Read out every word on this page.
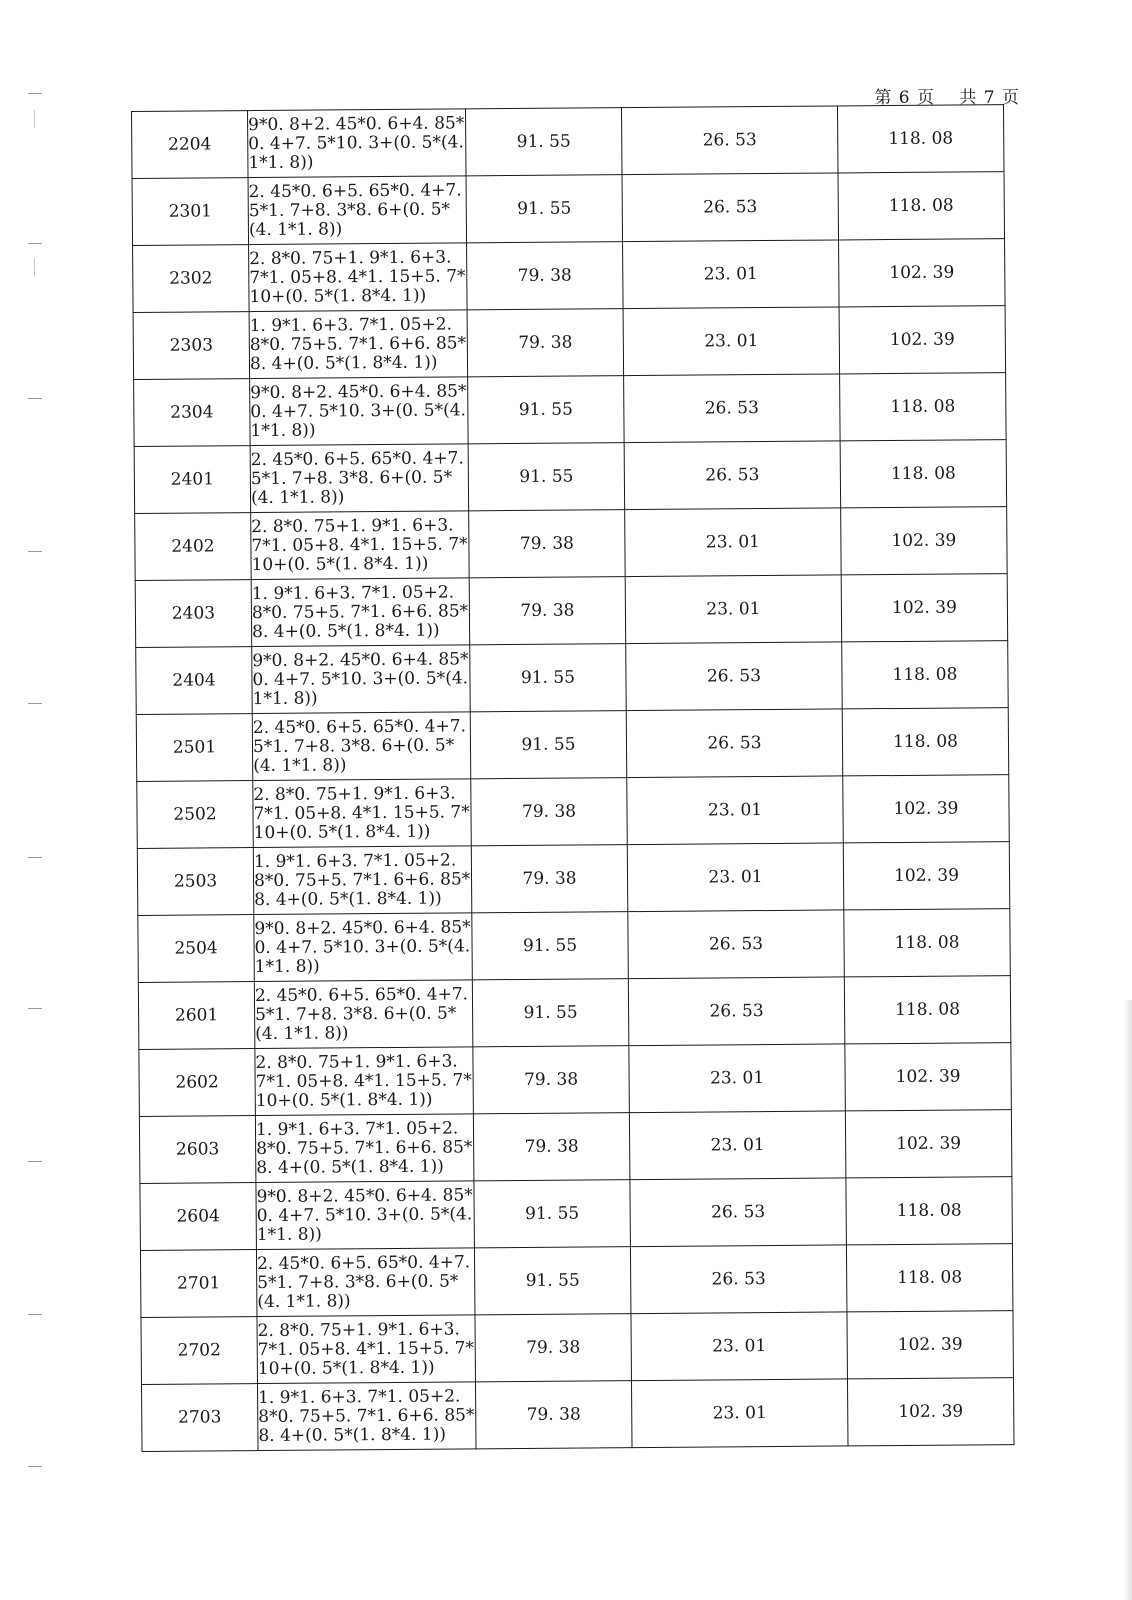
第 6 页　 共 7 页
2204	9*0. 8+2. 45*0. 6+4. 85*0. 4+7. 5*10. 3+(0. 5*(4. 1*1. 8))	91. 55	26. 53	118. 08
2301	2. 45*0. 6+5. 65*0. 4+7. 5*1. 7+8. 3*8. 6+(0. 5*(4. 1*1. 8))	91. 55	26. 53	118. 08
2302	2. 8*0. 75+1. 9*1. 6+3. 7*1. 05+8. 4*1. 15+5. 7*10+(0. 5*(1. 8*4. 1))	79. 38	23. 01	102. 39
2303	1. 9*1. 6+3. 7*1. 05+2. 8*0. 75+5. 7*1. 6+6. 85*8. 4+(0. 5*(1. 8*4. 1))	79. 38	23. 01	102. 39
2304	9*0. 8+2. 45*0. 6+4. 85*0. 4+7. 5*10. 3+(0. 5*(4. 1*1. 8))	91. 55	26. 53	118. 08
2401	2. 45*0. 6+5. 65*0. 4+7. 5*1. 7+8. 3*8. 6+(0. 5*(4. 1*1. 8))	91. 55	26. 53	118. 08
2402	2. 8*0. 75+1. 9*1. 6+3. 7*1. 05+8. 4*1. 15+5. 7*10+(0. 5*(1. 8*4. 1))	79. 38	23. 01	102. 39
2403	1. 9*1. 6+3. 7*1. 05+2. 8*0. 75+5. 7*1. 6+6. 85*8. 4+(0. 5*(1. 8*4. 1))	79. 38	23. 01	102. 39
2404	9*0. 8+2. 45*0. 6+4. 85*0. 4+7. 5*10. 3+(0. 5*(4. 1*1. 8))	91. 55	26. 53	118. 08
2501	2. 45*0. 6+5. 65*0. 4+7. 5*1. 7+8. 3*8. 6+(0. 5*(4. 1*1. 8))	91. 55	26. 53	118. 08
2502	2. 8*0. 75+1. 9*1. 6+3. 7*1. 05+8. 4*1. 15+5. 7*10+(0. 5*(1. 8*4. 1))	79. 38	23. 01	102. 39
2503	1. 9*1. 6+3. 7*1. 05+2. 8*0. 75+5. 7*1. 6+6. 85*8. 4+(0. 5*(1. 8*4. 1))	79. 38	23. 01	102. 39
2504	9*0. 8+2. 45*0. 6+4. 85*0. 4+7. 5*10. 3+(0. 5*(4. 1*1. 8))	91. 55	26. 53	118. 08
2601	2. 45*0. 6+5. 65*0. 4+7. 5*1. 7+8. 3*8. 6+(0. 5*(4. 1*1. 8))	91. 55	26. 53	118. 08
2602	2. 8*0. 75+1. 9*1. 6+3. 7*1. 05+8. 4*1. 15+5. 7*10+(0. 5*(1. 8*4. 1))	79. 38	23. 01	102. 39
2603	1. 9*1. 6+3. 7*1. 05+2. 8*0. 75+5. 7*1. 6+6. 85*8. 4+(0. 5*(1. 8*4. 1))	79. 38	23. 01	102. 39
2604	9*0. 8+2. 45*0. 6+4. 85*0. 4+7. 5*10. 3+(0. 5*(4. 1*1. 8))	91. 55	26. 53	118. 08
2701	2. 45*0. 6+5. 65*0. 4+7. 5*1. 7+8. 3*8. 6+(0. 5*(4. 1*1. 8))	91. 55	26. 53	118. 08
2702	2. 8*0. 75+1. 9*1. 6+3. 7*1. 05+8. 4*1. 15+5. 7*10+(0. 5*(1. 8*4. 1))	79. 38	23. 01	102. 39
2703	1. 9*1. 6+3. 7*1. 05+2. 8*0. 75+5. 7*1. 6+6. 85*8. 4+(0. 5*(1. 8*4. 1))	79. 38	23. 01	102. 39
